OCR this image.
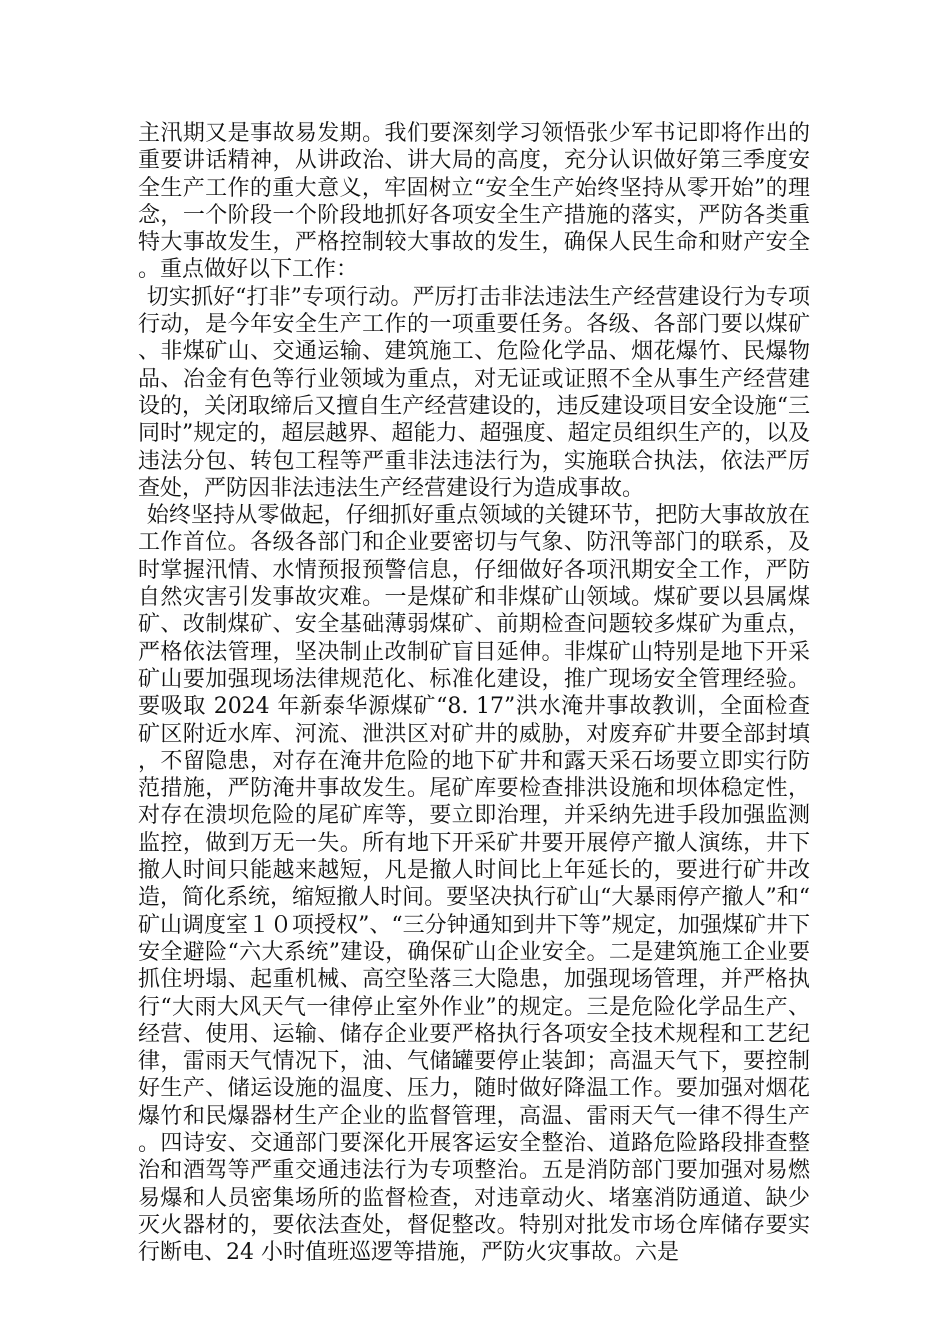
主汛期又是事故易发期。我们要深刻学习领悟张少军书记即将作出的重要讲话精神，从讲政治、讲大局的高度，充分认识做好第三季度安全生产工作的重大意义，牢固树立“安全生产始终坚持从零开始”的理念，一个阶段一个阶段地抓好各项安全生产措施的落实，严防各类重特大事故发生，严格控制较大事故的发生，确保人民生命和财产安全。重点做好以下工作：

切实抓好“打非”专项行动。严厉打击非法违法生产经营建设行为专项行动，是今年安全生产工作的一项重要任务。各级、各部门要以煤矿、非煤矿山、交通运输、建筑施工、危险化学品、烟花爆竹、民爆物品、冶金有色等行业领域为重点，对无证或证照不全从事生产经营建设的，关闭取缔后又擅自生产经营建设的，违反建设项目安全设施“三同时”规定的，超层越界、超能力、超强度、超定员组织生产的，以及违法分包、转包工程等严重非法违法行为，实施联合执法，依法严厉查处，严防因非法违法生产经营建设行为造成事故。

始终坚持从零做起，仔细抓好重点领域的关键环节，把防大事故放在工作首位。各级各部门和企业要密切与气象、防汛等部门的联系，及时掌握汛情、水情预报预警信息，仔细做好各项汛期安全工作，严防自然灾害引发事故灾难。一是煤矿和非煤矿山领域。煤矿要以县属煤矿、改制煤矿、安全基础薄弱煤矿、前期检查问题较多煤矿为重点，严格依法管理，坚决制止改制矿盲目延伸。非煤矿山特别是地下开采矿山要加强现场法律规范化、标准化建设，推广现场安全管理经验。要吸取 2024 年新泰华源煤矿“8. 17”洪水淹井事故教训，全面检查矿区附近水库、河流、泄洪区对矿井的威胁，对废弃矿井要全部封填，不留隐患，对存在淹井危险的地下矿井和露天采石场要立即实行防范措施，严防淹井事故发生。尾矿库要检查排洪设施和坝体稳定性，对存在溃坝危险的尾矿库等，要立即治理，并采纳先进手段加强监测监控，做到万无一失。所有地下开采矿井要开展停产撤人演练，井下撤人时间只能越来越短，凡是撤人时间比上年延长的，要进行矿井改造，简化系统，缩短撤人时间。要坚决执行矿山“大暴雨停产撤人”和“矿山调度室１０项授权”、“三分钟通知到井下等”规定，加强煤矿井下安全避险“六大系统”建设，确保矿山企业安全。二是建筑施工企业要抓住坍塌、起重机械、高空坠落三大隐患，加强现场管理，并严格执行“大雨大风天气一律停止室外作业”的规定。三是危险化学品生产、经营、使用、运输、储存企业要严格执行各项安全技术规程和工艺纪律，雷雨天气情况下，油、气储罐要停止装卸；高温天气下，要控制好生产、储运设施的温度、压力，随时做好降温工作。要加强对烟花爆竹和民爆器材生产企业的监督管理，高温、雷雨天气一律不得生产。四诗安、交通部门要深化开展客运安全整治、道路危险路段排查整治和酒驾等严重交通违法行为专项整治。五是消防部门要加强对易燃易爆和人员密集场所的监督检查，对违章动火、堵塞消防通道、缺少灭火器材的，要依法查处，督促整改。特别对批发市场仓库储存要实行断电、24 小时值班巡逻等措施，严防火灾事故。六是
